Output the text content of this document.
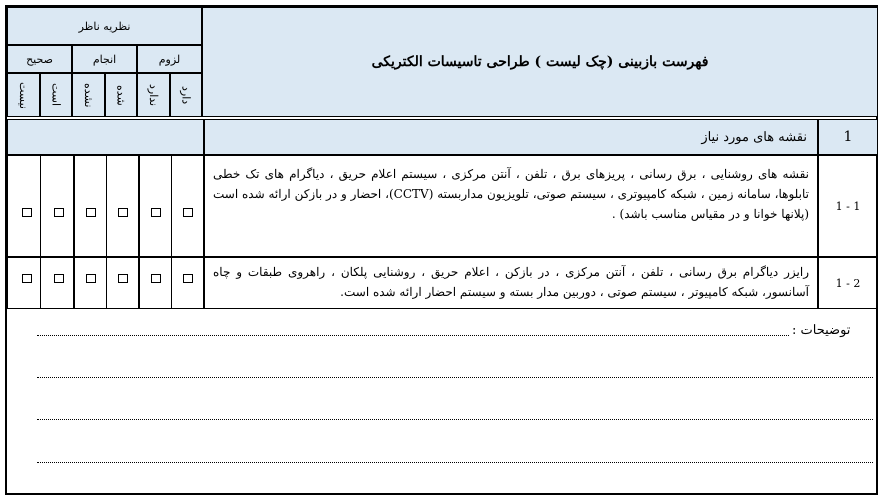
فهرست بازبینی (چک لیست ) طراحی تاسیسات الکتریکی
نظریه ناظر
لزوم
انجام
صحیح
دارد
ندارد
شده
نشده
است
نیست
نقشه های مورد نیاز	1
نقشه های روشنایی ، برق رسانی ، پریزهای برق ، تلفن ، آنتن مرکزی ، سیستم اعلام حریق ، دیاگرام های تک خطی تابلوها، سامانه زمین ، شبکه کامپیوتری ، سیستم صوتی، تلویزیون مداربسته (CCTV)، احضار و در بازکن ارائه شده است (پلانها خوانا و در مقیاس مناسب باشد) .
1 - 1
رایزر دیاگرام برق رسانی ، تلفن ، آنتن مرکزی ، در بازکن ، اعلام حریق ، روشنایی پلکان ، راهروی طبقات و چاه آسانسور، شبکه کامپیوتر ، سیستم صوتی ، دوربین مدار بسته و سیستم احضار ارائه شده است.
2 - 1
توضیحات :
